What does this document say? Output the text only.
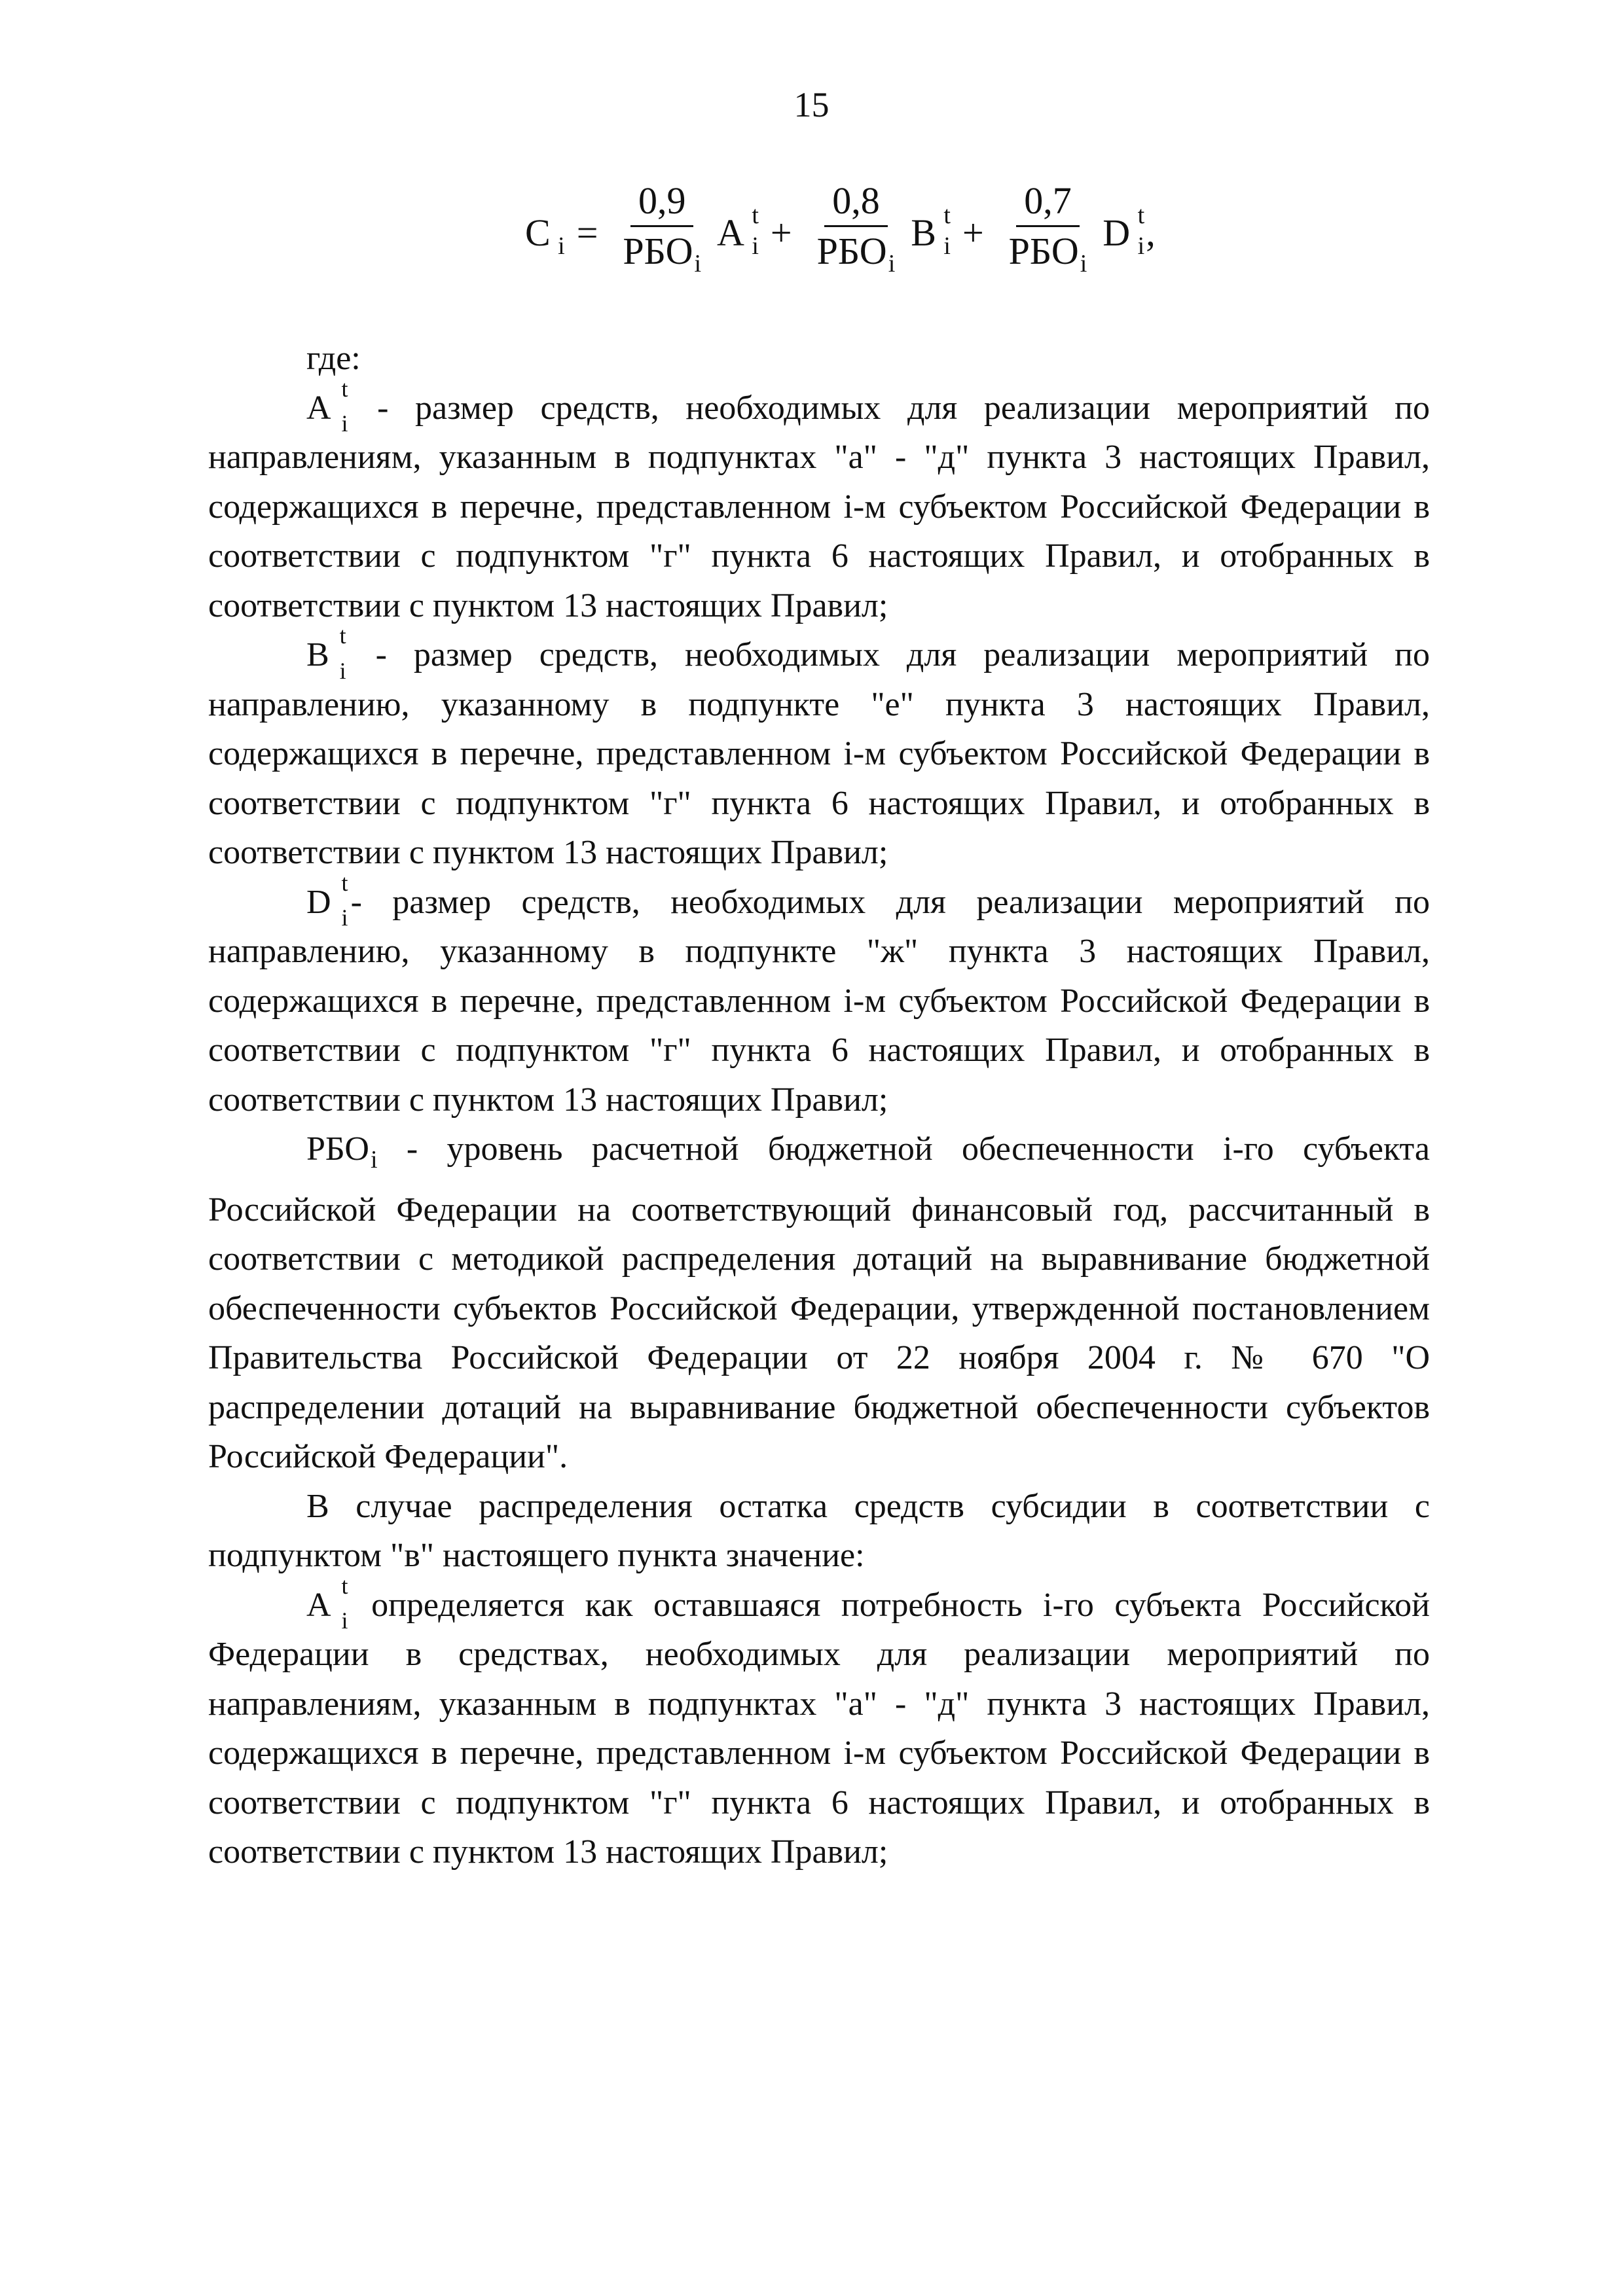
15
C $i = \frac{0,9}{РБО_i}$ A t
$i + \frac{0,8}{РБО_i}$ B t
$i + \frac{0,7}{РБО_i}$ D t
i ,

где:

A
t
i - размер средств, необходимых для реализации мероприятий по направлениям, указанным в подпунктах "а" - "д" пункта 3 настоящих Правил, содержащихся в перечне, представленном i-м субъектом Российской Федерации в соответствии с подпунктом "г" пункта 6 настоящих Правил, и отобранных в соответствии с пунктом 13 настоящих Правил;

B
t
i - размер средств, необходимых для реализации мероприятий по направлению, указанному в подпункте "е" пункта 3 настоящих Правил, содержащихся в перечне, представленном i-м субъектом Российской Федерации в соответствии с подпунктом "г" пункта 6 настоящих Правил, и отобранных в соответствии с пунктом 13 настоящих Правил;

D
t
i - размер средств, необходимых для реализации мероприятий по направлению, указанному в подпункте "ж" пункта 3 настоящих Правил, содержащихся в перечне, представленном i-м субъектом Российской Федерации в соответствии с подпунктом "г" пункта 6 настоящих Правил, и отобранных в соответствии с пунктом 13 настоящих Правил;

$РБО_i$ - уровень расчетной бюджетной обеспеченности i-го субъекта Российской Федерации на соответствующий финансовый год, рассчитанный в соответствии с методикой распределения дотаций на выравнивание бюджетной обеспеченности субъектов Российской Федерации, утвержденной постановлением Правительства Российской Федерации от 22 ноября 2004 г. № 670 "О распределении дотаций на выравнивание бюджетной обеспеченности субъектов Российской Федерации".

В случае распределения остатка средств субсидии в соответствии с подпунктом "в" настоящего пункта значение:

A
t
i определяется как оставшаяся потребность i-го субъекта Российской Федерации в средствах, необходимых для реализации мероприятий по направлениям, указанным в подпунктах "а" - "д" пункта 3 настоящих Правил, содержащихся в перечне, представленном i-м субъектом Российской Федерации в соответствии с подпунктом "г" пункта 6 настоящих Правил, и отобранных в соответствии с пунктом 13 настоящих Правил;
